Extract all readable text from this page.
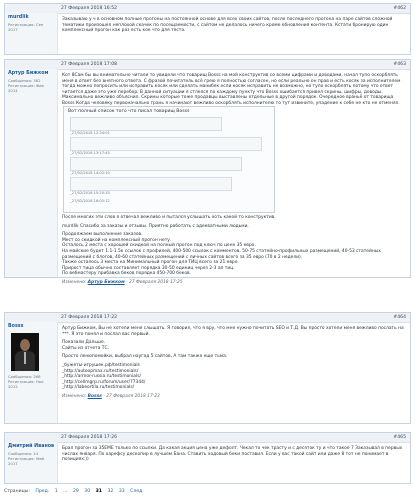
27 Февраля 2018 16:52	#462
murdlik
Регистрация: Сен
2017

Заказываю у ч в основном полные прогоны на постоянной основе для всех своих сайтов, после последнего прогона на паре сайтов сложной тематики произошел неплохой скачек по посещаемости, с сайтом не делалось ничего кроме обновления контента. Кстати бронирую один комплексный прогон как раз есть кое что для теста.

27 Февраля 2018 17:08	#463
Артур Бижком
Сообщения: 362
Регистрация: Фев
2014

Кот 8Сам бы вы внимательно читали то увидели что товарищ Bosss на мой конструктив со всеми цифрами и доводами, начал тупо оскорблять меня в ответ без внятного ответа. С фразой почитатель всё грею я полностью согласен, но если реально он прав и есть косяк за исполнителем тогда можно попросить или исправить косяк или сделать манибек если косяк исправить не возможно, но тупо оскорблять потому что ответ читается даже это уже перебор. В данной ситуации я стлелся по каждому пункту что Bosss ошибается привел скрины, шифры, доводы. Максимально вежливо объяснил. Скрины которые тоже продавцы выставлены отдельные в другой порядок. Очередное враньё от товарища Bosss Когда человеку первоначально грань я начинают вежливо оскорблять исполнителю то тут извините, упадение к себе не кто не отменял.

Вот полный список того что писал товарищ Bosss
_27/02/2018 12:34:01
_27/02/2018 13:17:45
_27/02/2018 14:02:10
_27/02/2018 15:20:33
_27/02/2018 16:05:12

После многих эти слов я отвечал вежливо и пытался услышать хоть какой то конструктив.

murdlik Спасибо за заказы и отзывы. Приятно работать с адекватными людьми.

Продолжаем выполнение заказов.

Мест со скидкой на комплексный прогон нету.

Осталось 2 места с хорошей скидкой на полный прогон под ключ по цене 35 евро.

На майские будет 1.1-1.5к ссылок с профилей, 400-500 ссылок с комментов, 50-75 статейно-профильных размещений, 40-53 статейных размещений с блогов, 40-60 статейных размещений с личных сайтов всего за 35 евро (70 в 2 недели).

Также осталось 3 места на Минимальный прогон для ТИЦ всего за 21 евро.

Прирост тица обычно составляет порядка 30-50 единиц через 2-3 ап тиц.

По вебмастеру прибавка беков порядка 450-700 беков.

Изменено: Артур Бижком - 27 Февраля 2018 17:25

27 Февраля 2018 17:22	#464
Bosss
Сообщения: 266
Регистрация: Ноя
2012

Артур Бижком, Вы не хотели меня слышать. Я говорил, что я вру, что мне нужно почитать SEO и Т.Д. Вы просто хотели меня вежливо послать на ***. Я это понял и послал вас первый.

Показали Дальше.

Сайты из отчета ТС.

Просто ленюпомойки, выбрал наугад 5 сайтов, А там также еще тьма.

_бужеты-игрушек.рф/testimonials

_http://autoopmax.ru/testimonials/

_http://armor-russia.ru/testimonials/

_http://cellmgrp.ru/forum/user/77344/

_http://labeortila.ru/testimonials/

Изменено: Bosss - 27 Февраля 2018 17:23

27 Февраля 2018 17:26	#465
Дмитрий Иванов
Сообщения: 14
Регистрация: Май
2017

Брал прогон за 35ЕМЕ только по ссылки. Да какая акция цена уже дефолт. Чекал то чек трасту и с десяток ту и что такое 7 Заказывал в первых числах января. По харефсу дескопир в лучшем Бана. Ставить ходовый беки поставил. Если у вас такой сайт или даже 8 тот не понимает в позициях:))

Страницы: Пред. 1 ... 29 30 31 32 33 След.
